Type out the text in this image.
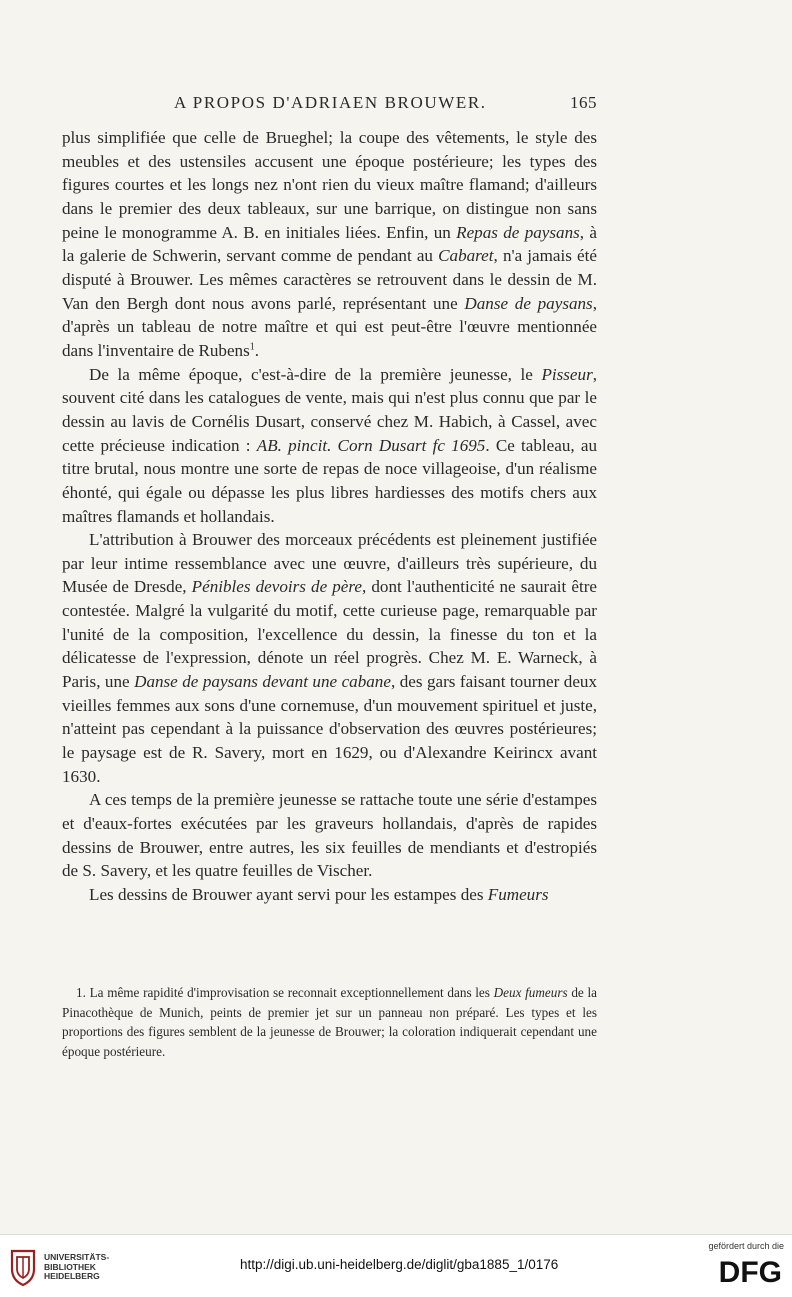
A PROPOS D'ADRIAEN BROUWER.	165

plus simplifiée que celle de Brueghel; la coupe des vêtements, le style des meubles et des ustensiles accusent une époque postérieure; les types des figures courtes et les longs nez n'ont rien du vieux maître flamand; d'ailleurs dans le premier des deux tableaux, sur une barrique, on distingue non sans peine le monogramme A. B. en initiales liées. Enfin, un Repas de paysans, à la galerie de Schwerin, servant comme de pendant au Cabaret, n'a jamais été disputé à Brouwer. Les mêmes caractères se retrouvent dans le dessin de M. Van den Bergh dont nous avons parlé, représentant une Danse de paysans, d'après un tableau de notre maître et qui est peut-être l'œuvre mentionnée dans l'inventaire de Rubens$^1$.

De la même époque, c'est-à-dire de la première jeunesse, le Pisseur, souvent cité dans les catalogues de vente, mais qui n'est plus connu que par le dessin au lavis de Cornélis Dusart, conservé chez M. Habich, à Cassel, avec cette précieuse indication : AB. pincit. Corn Dusart fc 1695. Ce tableau, au titre brutal, nous montre une sorte de repas de noce villageoise, d'un réalisme éhonté, qui égale ou dépasse les plus libres hardiesses des motifs chers aux maîtres flamands et hollandais.

L'attribution à Brouwer des morceaux précédents est pleinement justifiée par leur intime ressemblance avec une œuvre, d'ailleurs très supérieure, du Musée de Dresde, Pénibles devoirs de père, dont l'authenticité ne saurait être contestée. Malgré la vulgarité du motif, cette curieuse page, remarquable par l'unité de la composition, l'excellence du dessin, la finesse du ton et la délicatesse de l'expression, dénote un réel progrès. Chez M. E. Warneck, à Paris, une Danse de paysans devant une cabane, des gars faisant tourner deux vieilles femmes aux sons d'une cornemuse, d'un mouvement spirituel et juste, n'atteint pas cependant à la puissance d'observation des œuvres postérieures; le paysage est de R. Savery, mort en 1629, ou d'Alexandre Keirincx avant 1630.

A ces temps de la première jeunesse se rattache toute une série d'estampes et d'eaux-fortes exécutées par les graveurs hollandais, d'après de rapides dessins de Brouwer, entre autres, les six feuilles de mendiants et d'estropiés de S. Savery, et les quatre feuilles de Vischer.

Les dessins de Brouwer ayant servi pour les estampes des Fumeurs

1. La même rapidité d'improvisation se reconnait exceptionnellement dans les Deux fumeurs de la Pinacothèque de Munich, peints de premier jet sur un panneau non préparé. Les types et les proportions des figures semblent de la jeunesse de Brouwer; la coloration indiquerait cependant une époque postérieure.

UNIVERSITÄTS-
BIBLIOTHEK
HEIDELBERG
http://digi.ub.uni-heidelberg.de/diglit/gba1885_1/0176
gefördert durch die
DFG
